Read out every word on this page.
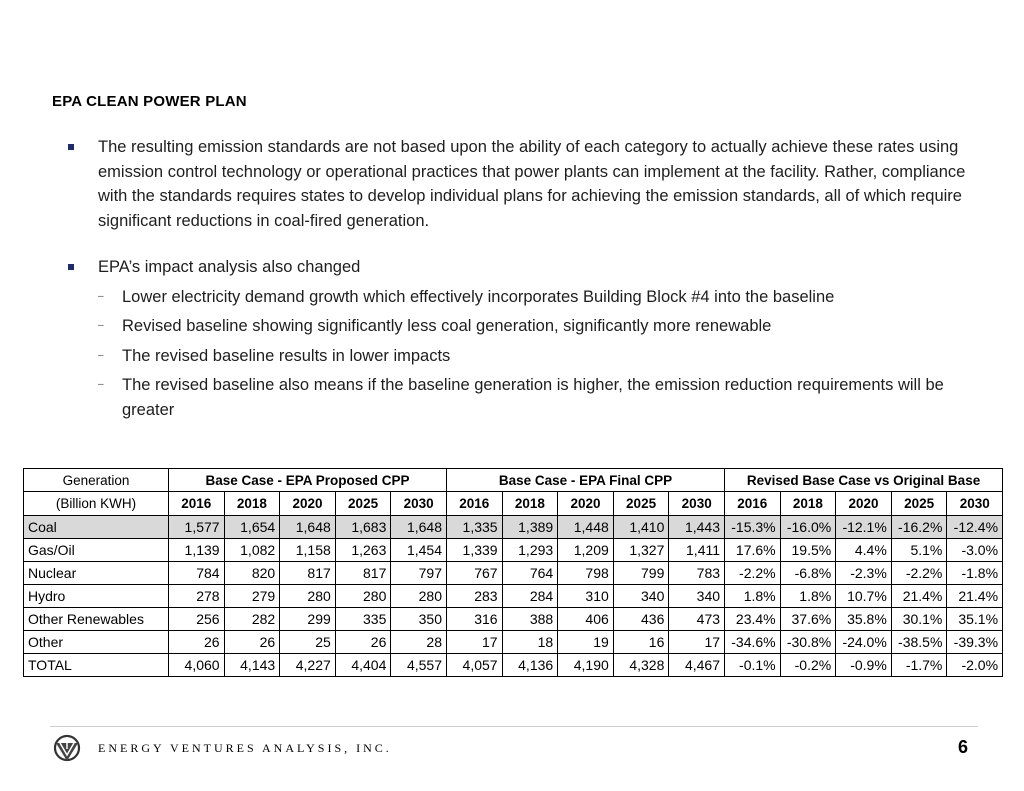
EPA CLEAN POWER PLAN
The resulting emission standards are not based upon the ability of each category to actually achieve these rates using emission control technology or operational practices that power plants can implement at the facility. Rather, compliance with the standards requires states to develop individual plans for achieving the emission standards, all of which require significant reductions in coal-fired generation.
EPA’s impact analysis also changed
– Lower electricity demand growth which effectively incorporates Building Block #4 into the baseline
– Revised baseline showing significantly less coal generation, significantly more renewable
– The revised baseline results in lower impacts
– The revised baseline also means if the baseline generation is higher, the emission reduction requirements will be greater
Generation	Base Case - EPA Proposed CPP					Base Case - EPA Final CPP					Revised Base Case vs Original Base				
(Billion KWH)	2016	2018	2020	2025	2030	2016	2018	2020	2025	2030	2016	2018	2020	2025	2030
Coal	1,577	1,654	1,648	1,683	1,648	1,335	1,389	1,448	1,410	1,443	-15.3%	-16.0%	-12.1%	-16.2%	-12.4%
Gas/Oil	1,139	1,082	1,158	1,263	1,454	1,339	1,293	1,209	1,327	1,411	17.6%	19.5%	4.4%	5.1%	-3.0%
Nuclear	784	820	817	817	797	767	764	798	799	783	-2.2%	-6.8%	-2.3%	-2.2%	-1.8%
Hydro	278	279	280	280	280	283	284	310	340	340	1.8%	1.8%	10.7%	21.4%	21.4%
Other Renewables	256	282	299	335	350	316	388	406	436	473	23.4%	37.6%	35.8%	30.1%	35.1%
Other	26	26	25	26	28	17	18	19	16	17	-34.6%	-30.8%	-24.0%	-38.5%	-39.3%
TOTAL	4,060	4,143	4,227	4,404	4,557	4,057	4,136	4,190	4,328	4,467	-0.1%	-0.2%	-0.9%	-1.7%	-2.0%
ENERGY VENTURES ANALYSIS, INC.	6
